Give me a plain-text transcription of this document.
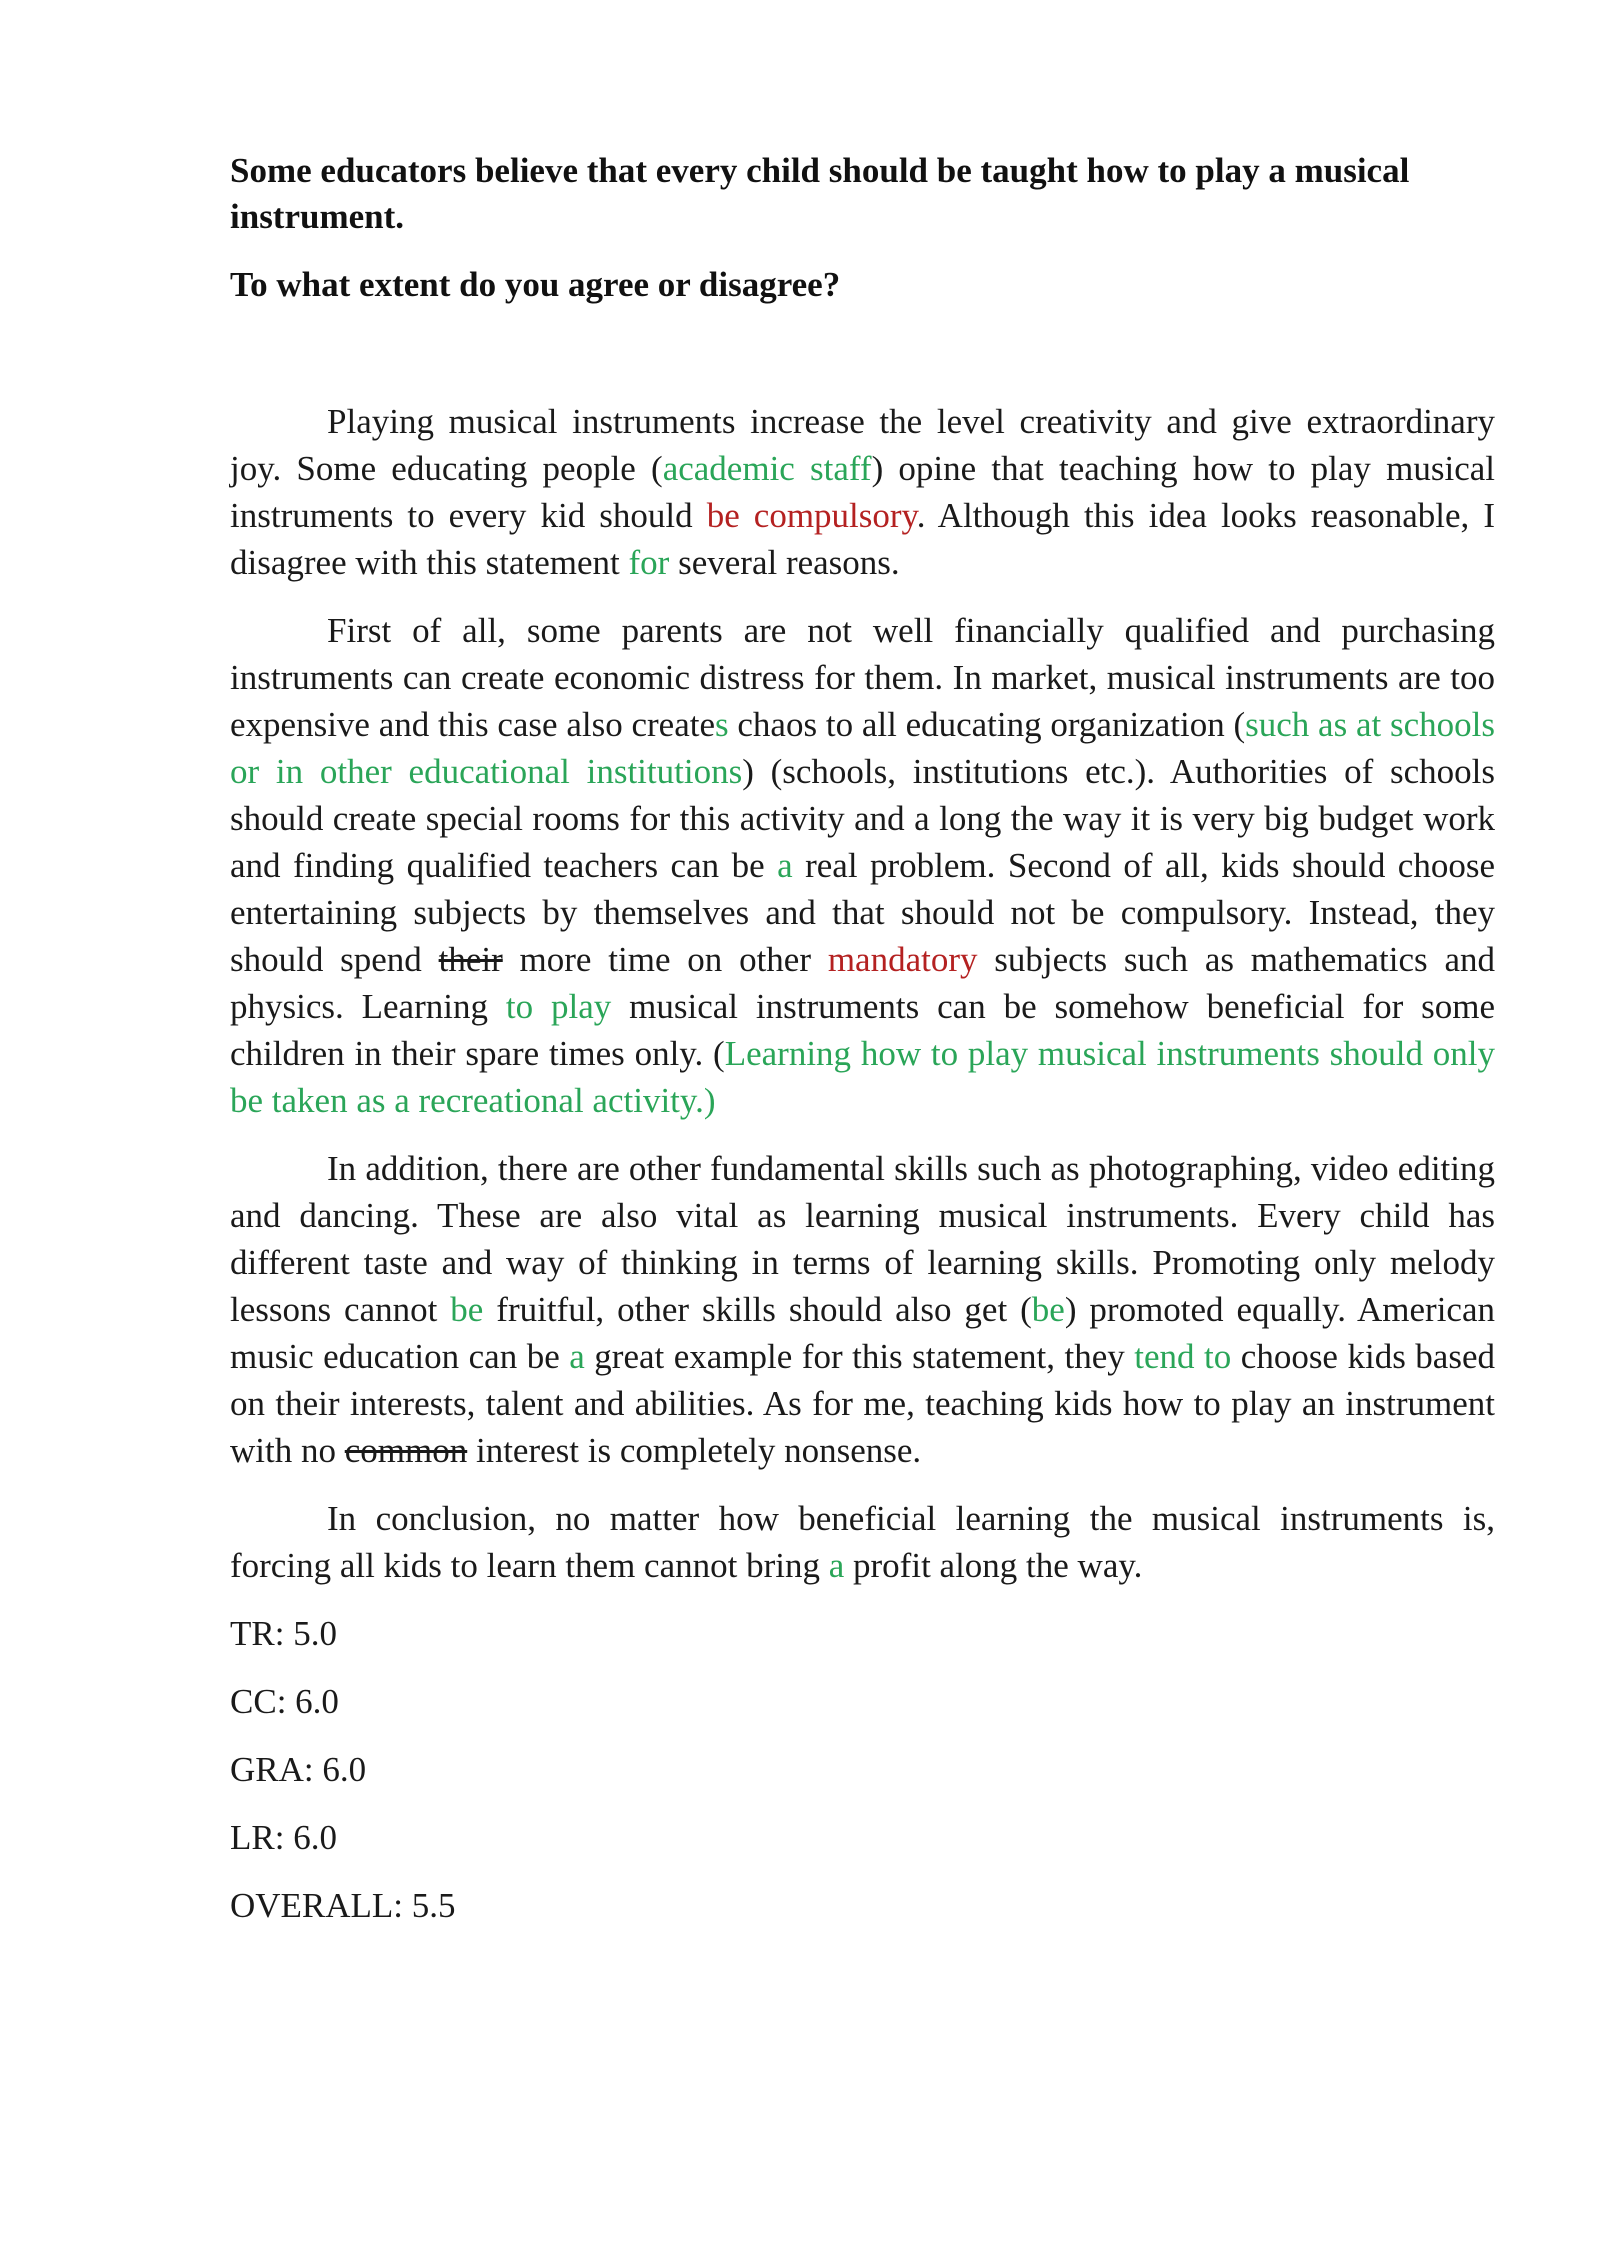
Some educators believe that every child should be taught how to play a musical instrument.

To what extent do you agree or disagree?

Playing musical instruments increase the level creativity and give extraordinary joy. Some educating people (academic staff) opine that teaching how to play musical instruments to every kid should be compulsory. Although this idea looks reasonable, I disagree with this statement for several reasons.

First of all, some parents are not well financially qualified and purchasing instruments can create economic distress for them. In market, musical instruments are too expensive and this case also creates chaos to all educating organization (such as at schools or in other educational institutions) (schools, institutions etc.). Authorities of schools should create special rooms for this activity and a long the way it is very big budget work and finding qualified teachers can be a real problem. Second of all, kids should choose entertaining subjects by themselves and that should not be compulsory. Instead, they should spend their more time on other mandatory subjects such as mathematics and physics. Learning to play musical instruments can be somehow beneficial for some children in their spare times only. (Learning how to play musical instruments should only be taken as a recreational activity.)

In addition, there are other fundamental skills such as photographing, video editing and dancing. These are also vital as learning musical instruments. Every child has different taste and way of thinking in terms of learning skills. Promoting only melody lessons cannot be fruitful, other skills should also get (be) promoted equally. American music education can be a great example for this statement, they tend to choose kids based on their interests, talent and abilities. As for me, teaching kids how to play an instrument with no common interest is completely nonsense.

In conclusion, no matter how beneficial learning the musical instruments is, forcing all kids to learn them cannot bring a profit along the way.

TR: 5.0

CC: 6.0

GRA: 6.0

LR: 6.0

OVERALL: 5.5
